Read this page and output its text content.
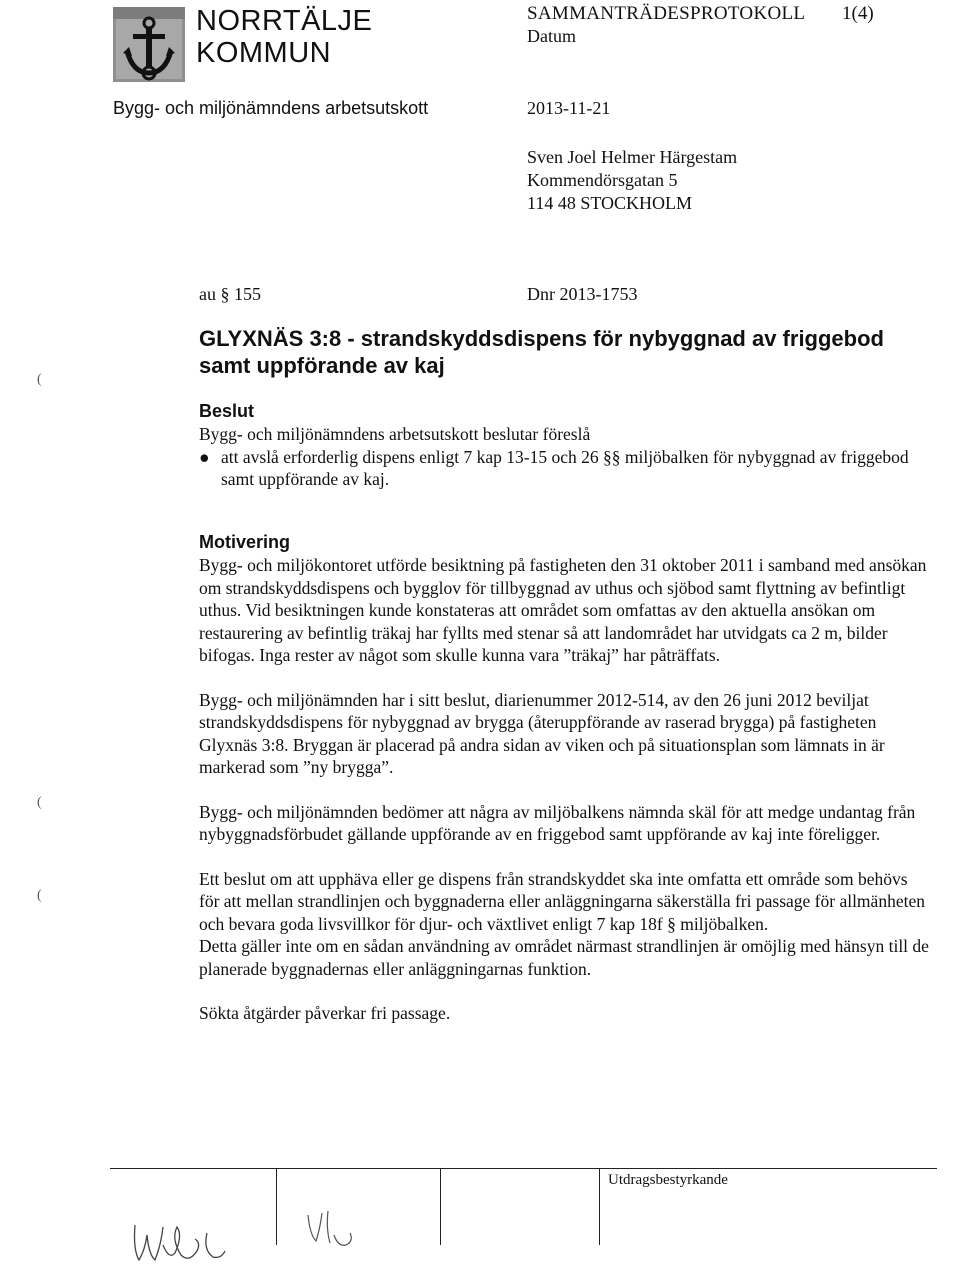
NORRTÄLJE
KOMMUN
SAMMANTRÄDESPROTOKOLL 1(4)
Datum
Bygg- och miljönämndens arbetsutskott	2013-11-21
Sven Joel Helmer Härgestam
Kommendörsgatan 5
114 48 STOCKHOLM
au § 155	Dnr 2013-1753
GLYXNÄS 3:8 - strandskyddsdispens för nybyggnad av friggebod samt uppförande av kaj
Beslut
Bygg- och miljönämndens arbetsutskott beslutar föreslå
● att avslå erforderlig dispens enligt 7 kap 13-15 och 26 §§ miljöbalken för nybyggnad av friggebod samt uppförande av kaj.
Motivering

Bygg- och miljökontoret utförde besiktning på fastigheten den 31 oktober 2011 i samband med ansökan om strandskyddsdispens och bygglov för tillbyggnad av uthus och sjöbod samt flyttning av befintligt uthus. Vid besiktningen kunde konstateras att området som omfattas av den aktuella ansökan om restaurering av befintlig träkaj har fyllts med stenar så att landområdet har utvidgats ca 2 m, bilder bifogas. Inga rester av något som skulle kunna vara ”träkaj” har påträffats.

Bygg- och miljönämnden har i sitt beslut, diarienummer 2012-514, av den 26 juni 2012 beviljat strandskyddsdispens för nybyggnad av brygga (återuppförande av raserad brygga) på fastigheten Glyxnäs 3:8. Bryggan är placerad på andra sidan av viken och på situationsplan som lämnats in är markerad som ”ny brygga”.

Bygg- och miljönämnden bedömer att några av miljöbalkens nämnda skäl för att medge undantag från nybyggnadsförbudet gällande uppförande av en friggebod samt uppförande av kaj inte föreligger.

Ett beslut om att upphäva eller ge dispens från strandskyddet ska inte omfatta ett område som behövs för att mellan strandlinjen och byggnaderna eller anläggningarna säkerställa fri passage för allmänheten och bevara goda livsvillkor för djur- och växtlivet enligt 7 kap 18f § miljöbalken.

Detta gäller inte om en sådan användning av området närmast strandlinjen är omöjlig med hänsyn till de planerade byggnadernas eller anläggningarnas funktion.

Sökta åtgärder påverkar fri passage.

(
(
(
Utdragsbestyrkande
